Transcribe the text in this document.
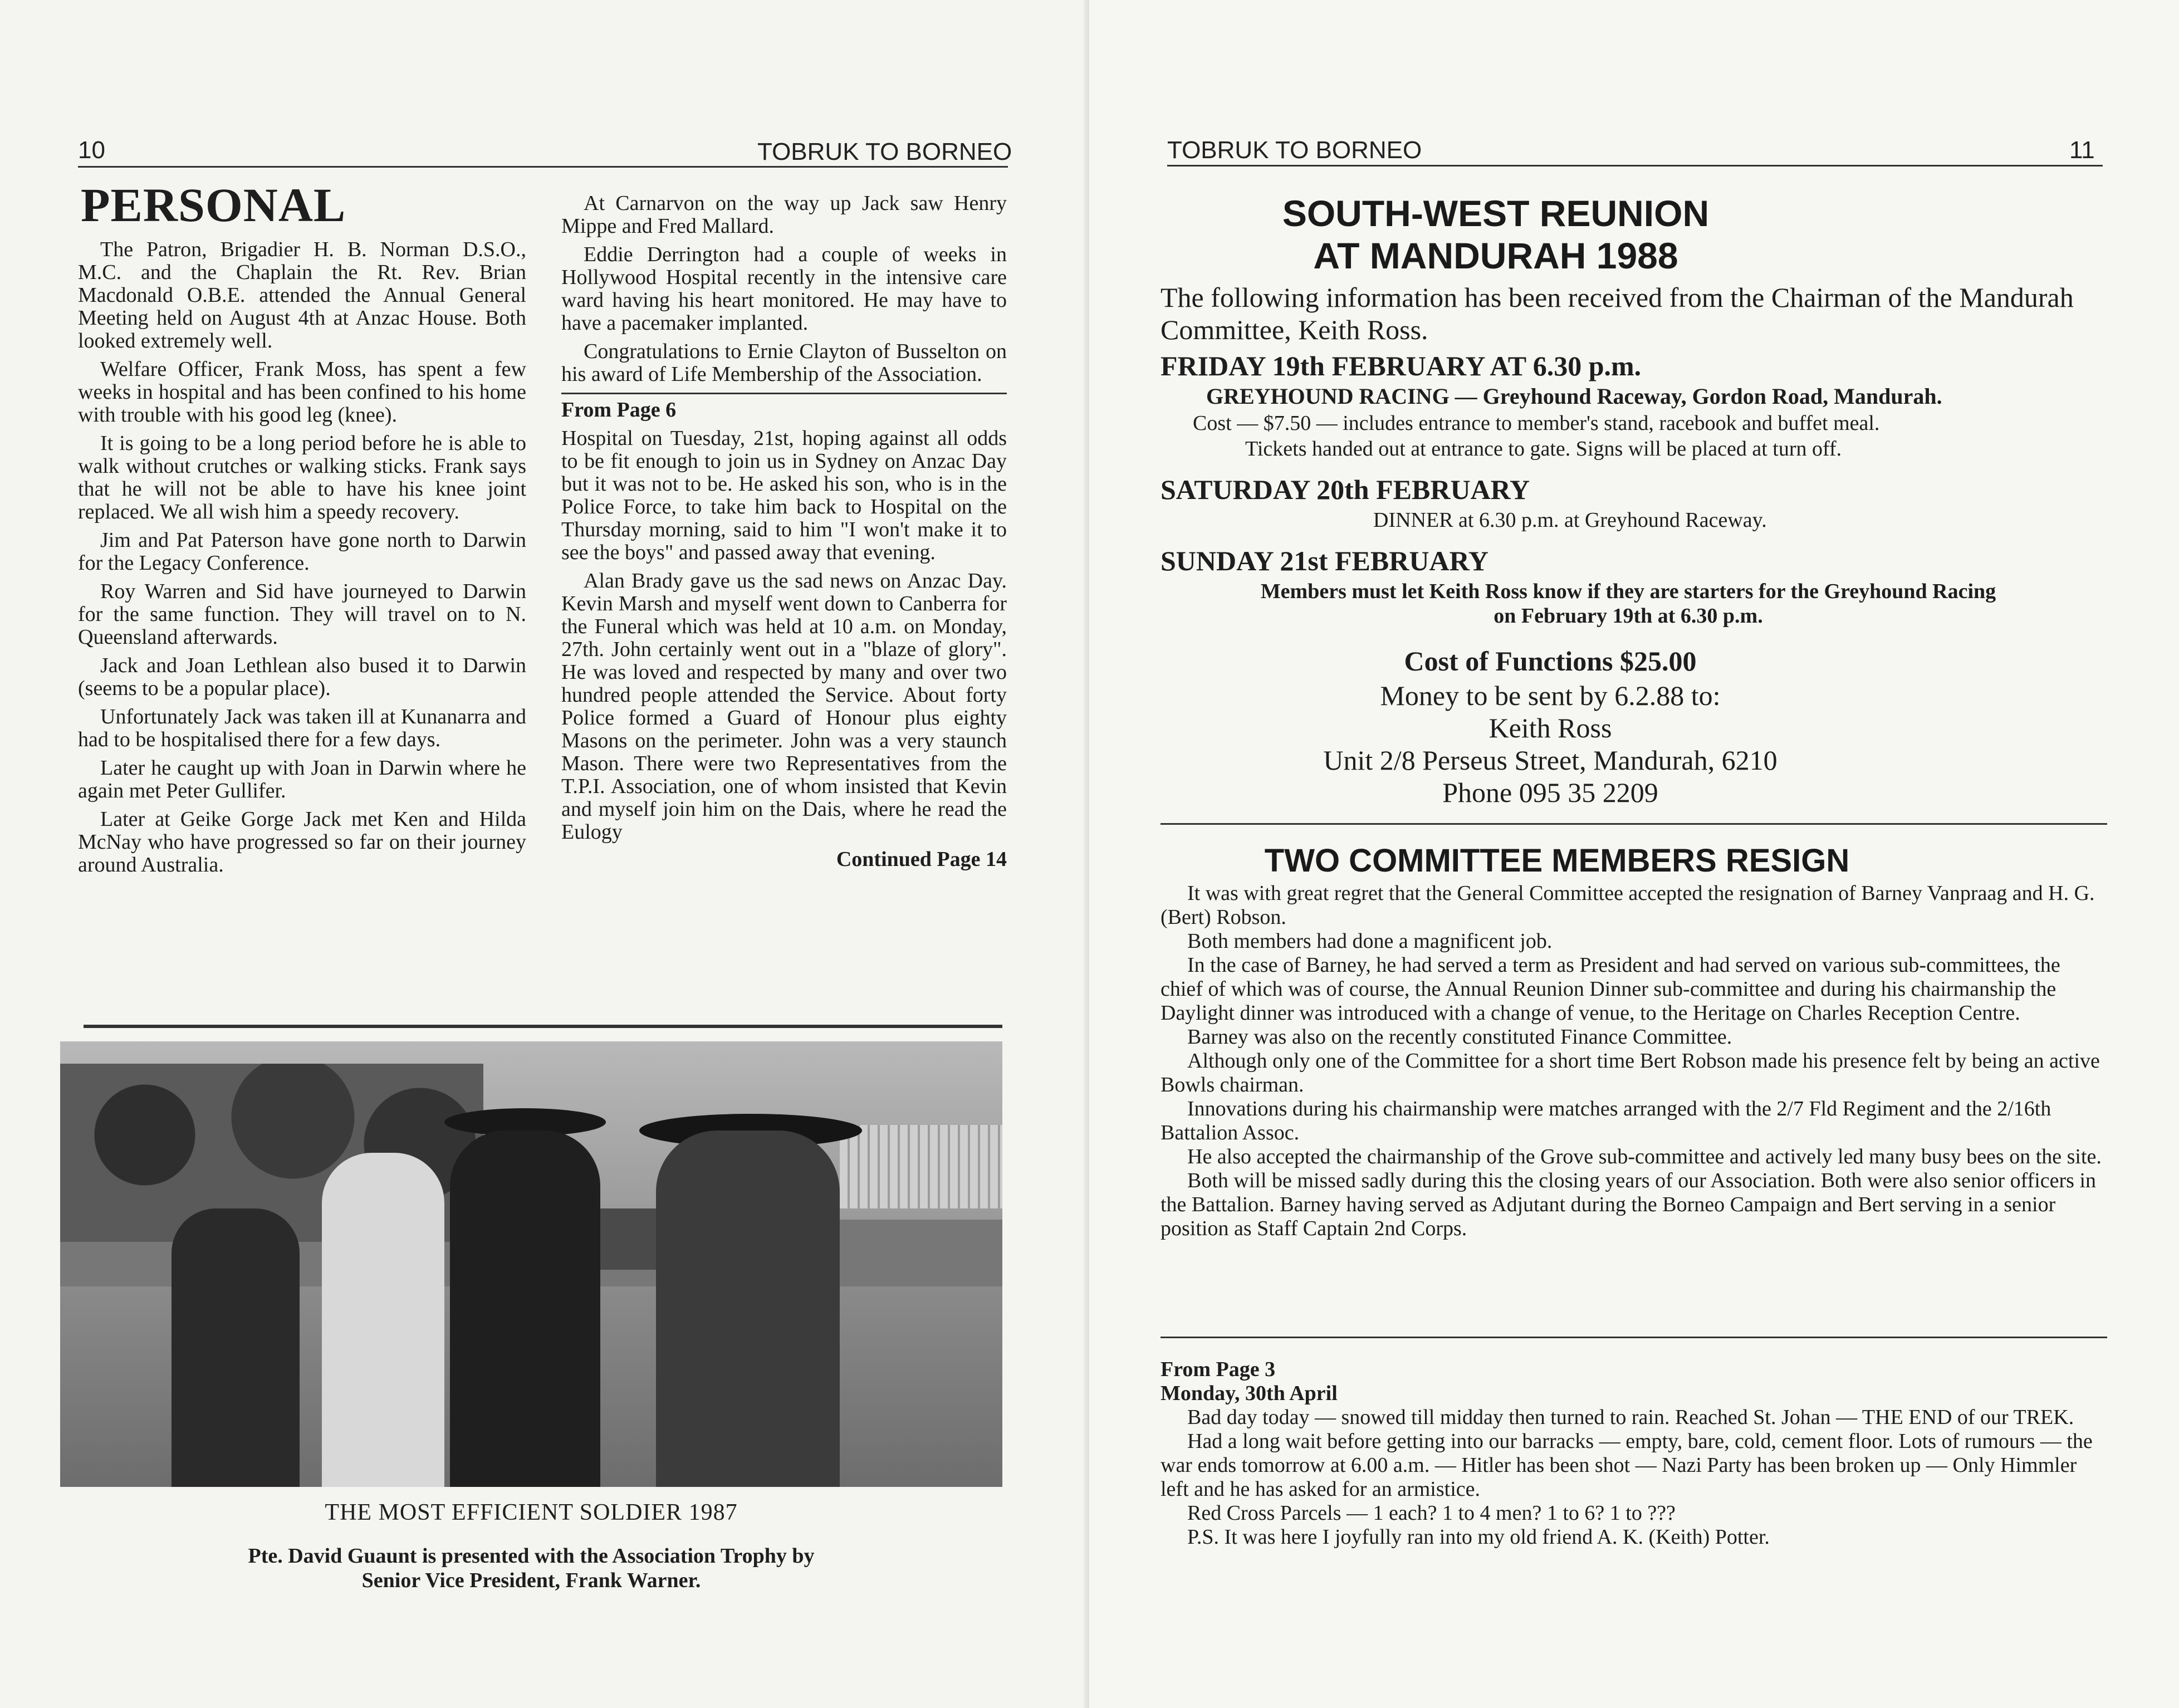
10	TOBRUK TO BORNEO
PERSONAL

The Patron, Brigadier H. B. Norman D.S.O., M.C. and the Chaplain the Rt. Rev. Brian Macdonald O.B.E. attended the Annual General Meeting held on August 4th at Anzac House. Both looked extremely well.

Welfare Officer, Frank Moss, has spent a few weeks in hospital and has been confined to his home with trouble with his good leg (knee).

It is going to be a long period before he is able to walk without crutches or walking sticks. Frank says that he will not be able to have his knee joint replaced. We all wish him a speedy recovery.

Jim and Pat Paterson have gone north to Darwin for the Legacy Conference.

Roy Warren and Sid have journeyed to Darwin for the same function. They will travel on to N. Queensland afterwards.

Jack and Joan Lethlean also bused it to Darwin (seems to be a popular place).

Unfortunately Jack was taken ill at Kunanarra and had to be hospitalised there for a few days.

Later he caught up with Joan in Darwin where he again met Peter Gullifer.

Later at Geike Gorge Jack met Ken and Hilda McNay who have progressed so far on their journey around Australia.

At Carnarvon on the way up Jack saw Henry Mippe and Fred Mallard.

Eddie Derrington had a couple of weeks in Hollywood Hospital recently in the intensive care ward having his heart monitored. He may have to have a pacemaker implanted.

Congratulations to Ernie Clayton of Busselton on his award of Life Membership of the Association.

From Page 6

Hospital on Tuesday, 21st, hoping against all odds to be fit enough to join us in Sydney on Anzac Day but it was not to be. He asked his son, who is in the Police Force, to take him back to Hospital on the Thursday morning, said to him "I won't make it to see the boys" and passed away that evening.

Alan Brady gave us the sad news on Anzac Day. Kevin Marsh and myself went down to Canberra for the Funeral which was held at 10 a.m. on Monday, 27th. John certainly went out in a "blaze of glory". He was loved and respected by many and over two hundred people attended the Service. About forty Police formed a Guard of Honour plus eighty Masons on the perimeter. John was a very staunch Mason. There were two Representatives from the T.P.I. Association, one of whom insisted that Kevin and myself join him on the Dais, where he read the Eulogy

Continued Page 14

THE MOST EFFICIENT SOLDIER 1987
Pte. David Guaunt is presented with the Association Trophy by
Senior Vice President, Frank Warner.
TOBRUK TO BORNEO	11
SOUTH-WEST REUNION
AT MANDURAH 1988
The following information has been received from the Chairman of the Mandurah Committee, Keith Ross.
FRIDAY 19th FEBRUARY AT 6.30 p.m.
GREYHOUND RACING — Greyhound Raceway, Gordon Road, Mandurah.
Cost — $7.50 — includes entrance to member's stand, racebook and buffet meal.
Tickets handed out at entrance to gate. Signs will be placed at turn off.
SATURDAY 20th FEBRUARY
DINNER at 6.30 p.m. at Greyhound Raceway.
SUNDAY 21st FEBRUARY
Members must let Keith Ross know if they are starters for the Greyhound Racing
on February 19th at 6.30 p.m.
Cost of Functions $25.00
Money to be sent by 6.2.88 to:
Keith Ross
Unit 2/8 Perseus Street, Mandurah, 6210
Phone 095 35 2209
TWO COMMITTEE MEMBERS RESIGN

It was with great regret that the General Committee accepted the resignation of Barney Vanpraag and H. G. (Bert) Robson.

Both members had done a magnificent job.

In the case of Barney, he had served a term as President and had served on various sub-committees, the chief of which was of course, the Annual Reunion Dinner sub-committee and during his chairmanship the Daylight dinner was introduced with a change of venue, to the Heritage on Charles Reception Centre.

Barney was also on the recently constituted Finance Committee.

Although only one of the Committee for a short time Bert Robson made his presence felt by being an active Bowls chairman.

Innovations during his chairmanship were matches arranged with the 2/7 Fld Regiment and the 2/16th Battalion Assoc.

He also accepted the chairmanship of the Grove sub-committee and actively led many busy bees on the site.

Both will be missed sadly during this the closing years of our Association. Both were also senior officers in the Battalion. Barney having served as Adjutant during the Borneo Campaign and Bert serving in a senior position as Staff Captain 2nd Corps.

From Page 3

Monday, 30th April

Bad day today — snowed till midday then turned to rain. Reached St. Johan — THE END of our TREK.

Had a long wait before getting into our barracks — empty, bare, cold, cement floor. Lots of rumours — the war ends tomorrow at 6.00 a.m. — Hitler has been shot — Nazi Party has been broken up — Only Himmler left and he has asked for an armistice.

Red Cross Parcels — 1 each? 1 to 4 men? 1 to 6? 1 to ???

P.S. It was here I joyfully ran into my old friend A. K. (Keith) Potter.
